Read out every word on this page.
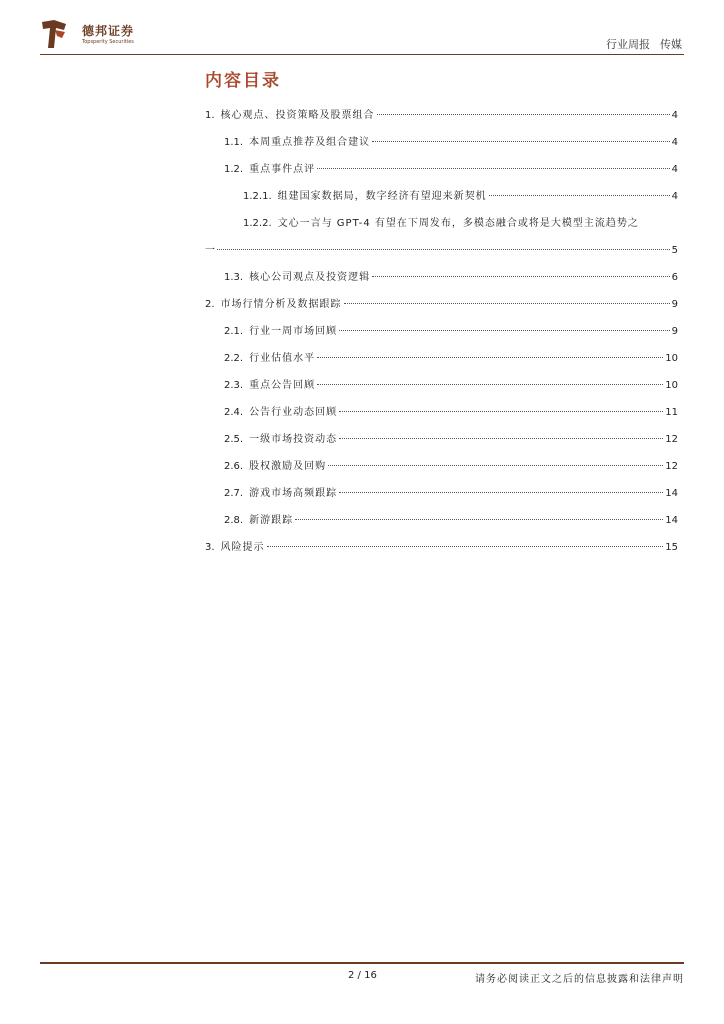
德邦证券
Topsperity Securities	行业周报 传媒
内容目录
1. 核心观点、投资策略及股票组合	4
1.1. 本周重点推荐及组合建议	4
1.2. 重点事件点评	4
1.2.1. 组建国家数据局，数字经济有望迎来新契机	4
1.2.2. 文心一言与 GPT-4 有望在下周发布，多模态融合或将是大模型主流趋势之
一	5
1.3. 核心公司观点及投资逻辑	6
2. 市场行情分析及数据跟踪	9
2.1. 行业一周市场回顾	9
2.2. 行业估值水平	10
2.3. 重点公告回顾	10
2.4. 公告行业动态回顾	11
2.5. 一级市场投资动态	12
2.6. 股权激励及回购	12
2.7. 游戏市场高频跟踪	14
2.8. 新游跟踪	14
3. 风险提示	15
2 / 16	请务必阅读正文之后的信息披露和法律声明
